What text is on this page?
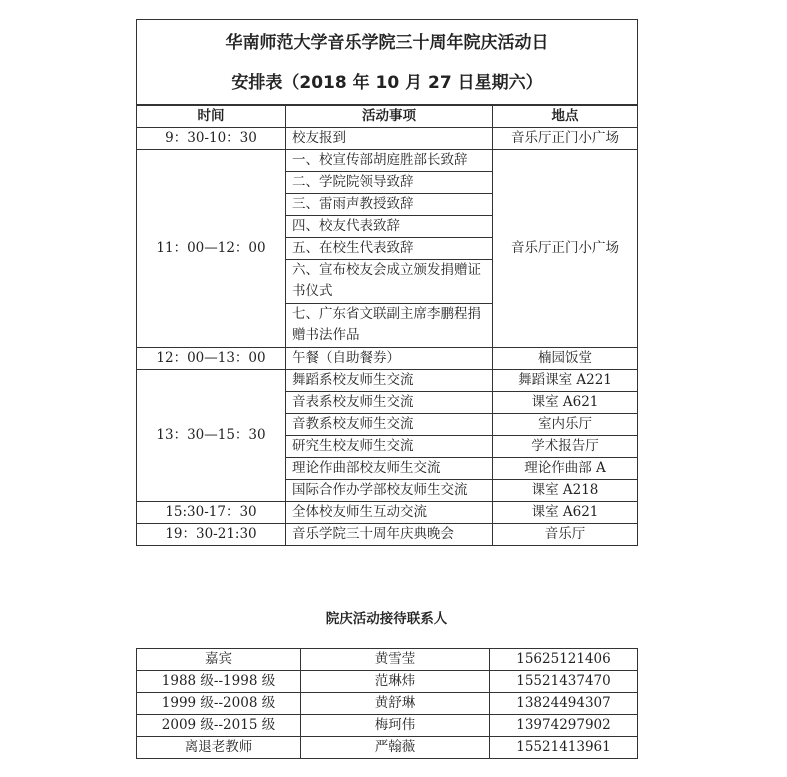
华南师范大学音乐学院三十周年院庆活动日
安排表（2018 年 10 月 27 日星期六）		

时间	活动事项	地点
9：30-10：30	校友报到	音乐厅正门小广场
11：00—12：00	一、校宣传部胡庭胜部长致辞	音乐厅正门小广场
	二、学院院领导致辞	
	三、雷雨声教授致辞	
	四、校友代表致辞	
	五、在校生代表致辞	
	六、宣布校友会成立颁发捐赠证书仪式	
	七、广东省文联副主席李鹏程捐赠书法作品	
12：00—13：00	午餐（自助餐券）	楠园饭堂
13：30—15：30	舞蹈系校友师生交流	舞蹈课室 A221
	音表系校友师生交流	课室 A621
	音教系校友师生交流	室内乐厅
	研究生校友师生交流	学术报告厅
	理论作曲部校友师生交流	理论作曲部 A
	国际合作办学部校友师生交流	课室 A218
15:30-17：30	全体校友师生互动交流	课室 A621
19：30-21:30	音乐学院三十周年庆典晚会	音乐厅
院庆活动接待联系人
嘉宾	黄雪莹	15625121406
1988 级--1998 级	范琳炜	15521437470
1999 级--2008 级	黄舒琳	13824494307
2009 级--2015 级	梅珂伟	13974297902
离退老教师	严翰薇	15521413961
